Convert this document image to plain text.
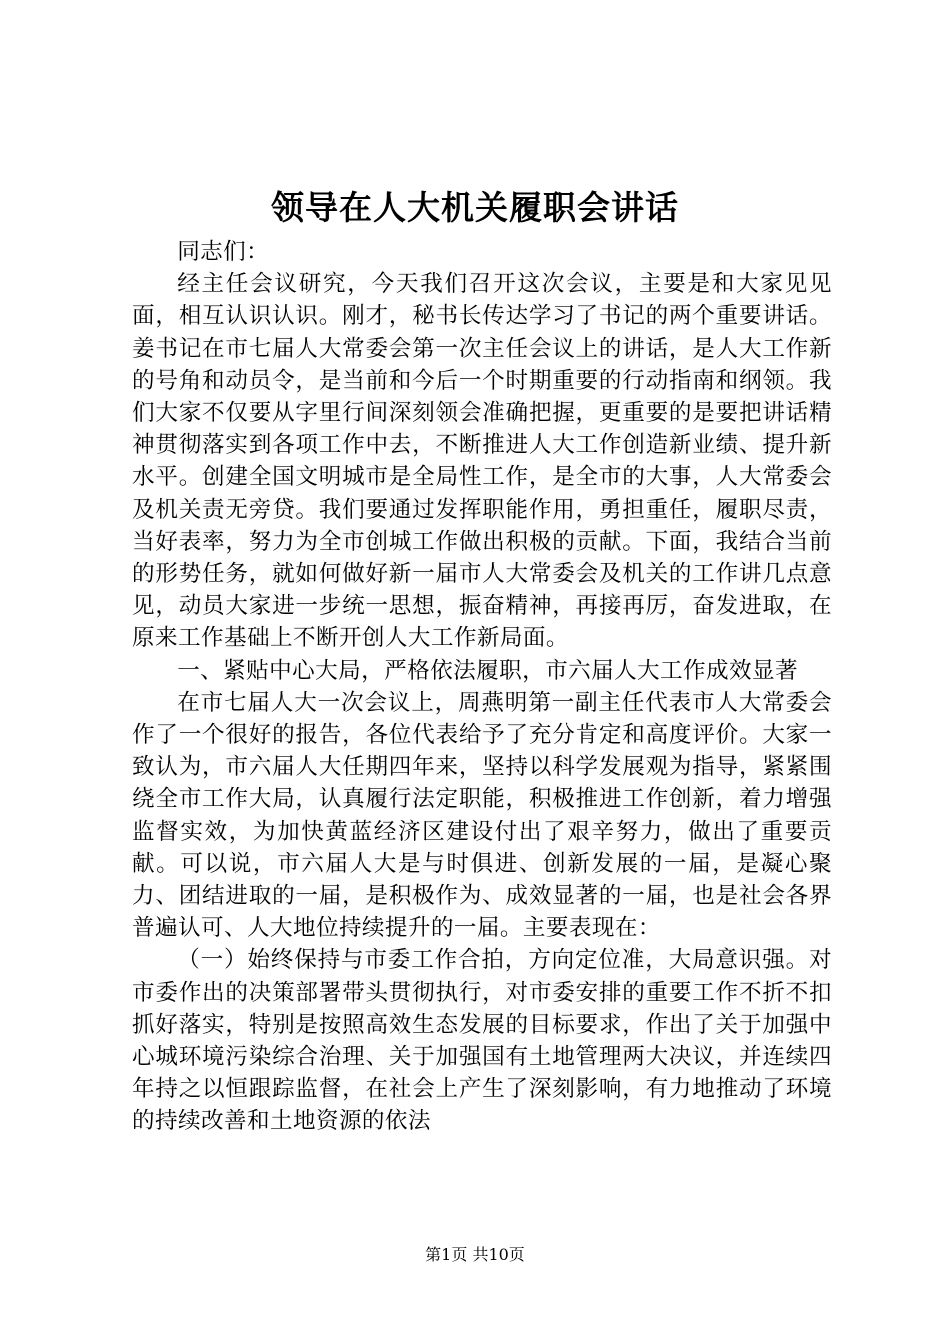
领导在人大机关履职会讲话

同志们：

经主任会议研究，今天我们召开这次会议，主要是和大家见见面，相互认识认识。刚才，秘书长传达学习了书记的两个重要讲话。姜书记在市七届人大常委会第一次主任会议上的讲话，是人大工作新的号角和动员令，是当前和今后一个时期重要的行动指南和纲领。我们大家不仅要从字里行间深刻领会准确把握，更重要的是要把讲话精神贯彻落实到各项工作中去，不断推进人大工作创造新业绩、提升新水平。创建全国文明城市是全局性工作，是全市的大事，人大常委会及机关责无旁贷。我们要通过发挥职能作用，勇担重任，履职尽责，当好表率，努力为全市创城工作做出积极的贡献。下面，我结合当前的形势任务，就如何做好新一届市人大常委会及机关的工作讲几点意见，动员大家进一步统一思想，振奋精神，再接再厉，奋发进取，在原来工作基础上不断开创人大工作新局面。

一、紧贴中心大局，严格依法履职，市六届人大工作成效显著

在市七届人大一次会议上，周燕明第一副主任代表市人大常委会作了一个很好的报告，各位代表给予了充分肯定和高度评价。大家一致认为，市六届人大任期四年来，坚持以科学发展观为指导，紧紧围绕全市工作大局，认真履行法定职能，积极推进工作创新，着力增强监督实效，为加快黄蓝经济区建设付出了艰辛努力，做出了重要贡献。可以说，市六届人大是与时俱进、创新发展的一届，是凝心聚力、团结进取的一届，是积极作为、成效显著的一届，也是社会各界普遍认可、人大地位持续提升的一届。主要表现在：

（一）始终保持与市委工作合拍，方向定位准，大局意识强。对市委作出的决策部署带头贯彻执行，对市委安排的重要工作不折不扣抓好落实，特别是按照高效生态发展的目标要求，作出了关于加强中心城环境污染综合治理、关于加强国有土地管理两大决议，并连续四年持之以恒跟踪监督，在社会上产生了深刻影响，有力地推动了环境的持续改善和土地资源的依法

第1页 共10页
